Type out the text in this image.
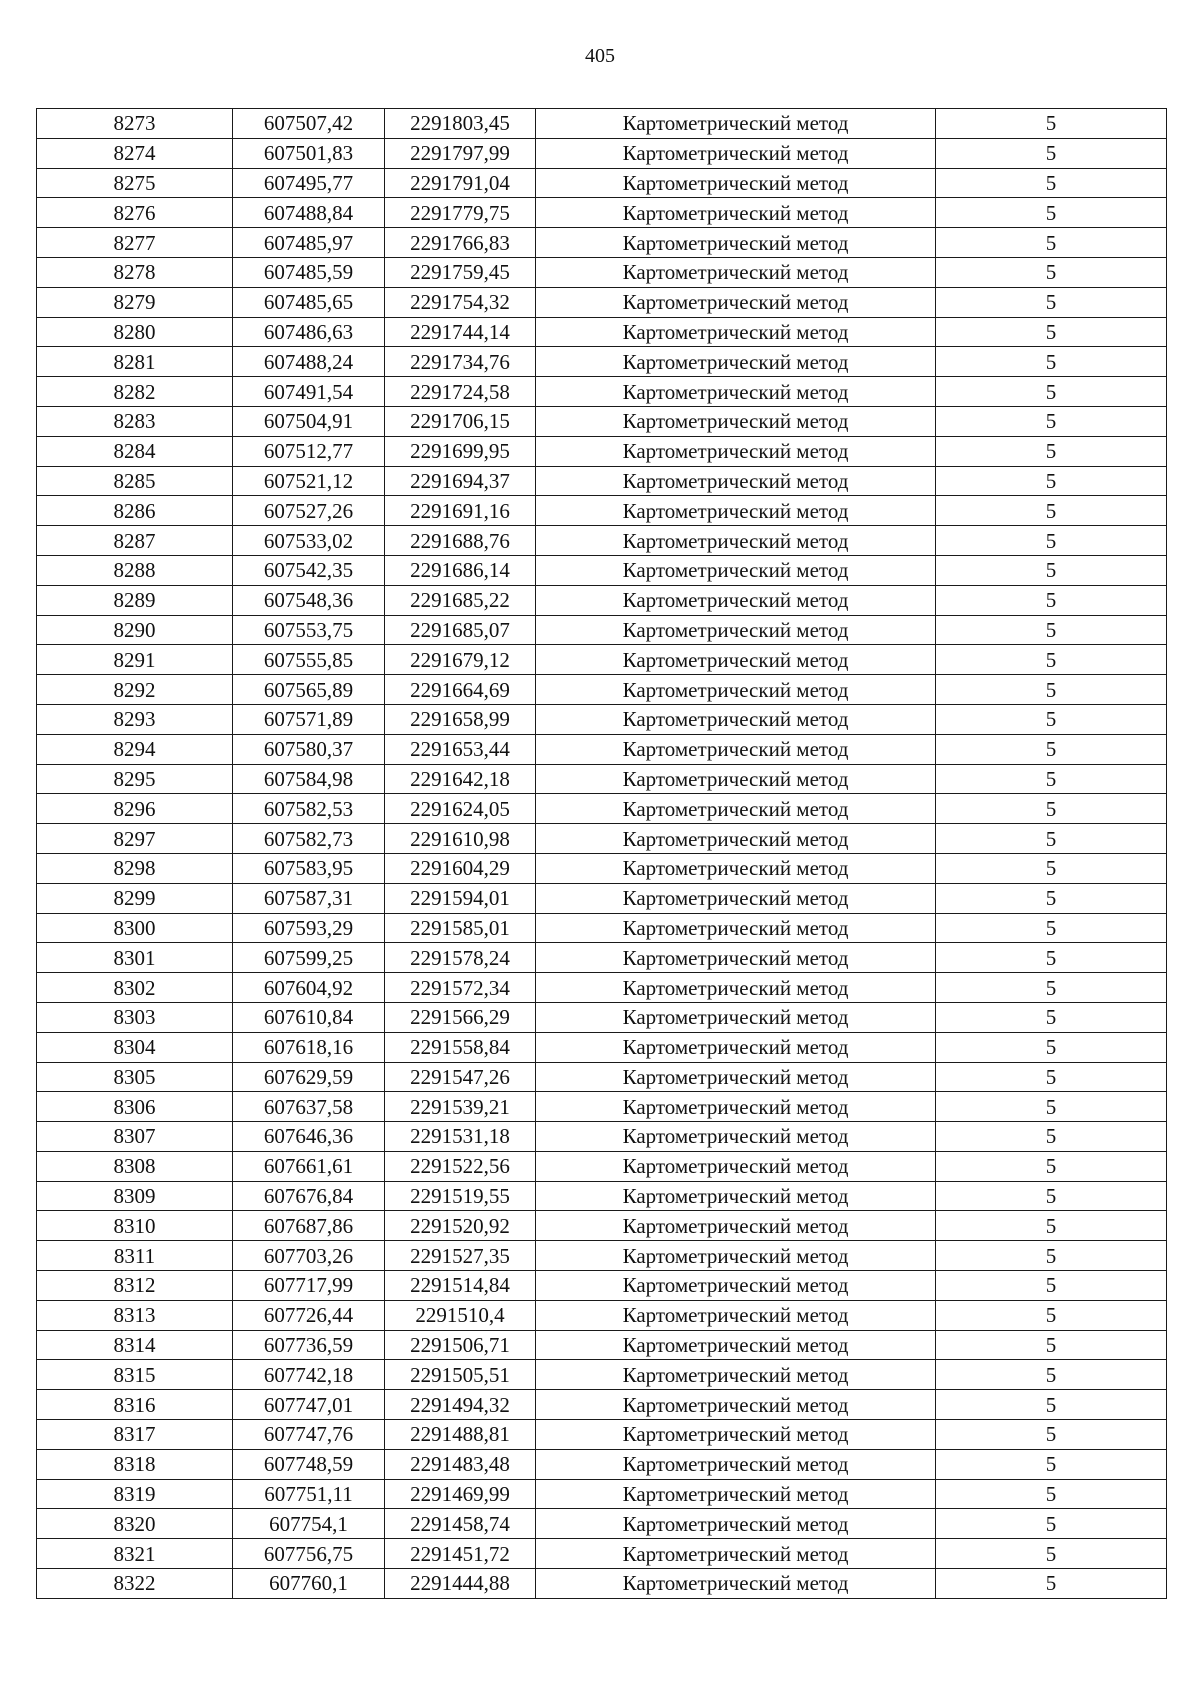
405
8273	607507,42	2291803,45	Картометрический метод	5
8274	607501,83	2291797,99	Картометрический метод	5
8275	607495,77	2291791,04	Картометрический метод	5
8276	607488,84	2291779,75	Картометрический метод	5
8277	607485,97	2291766,83	Картометрический метод	5
8278	607485,59	2291759,45	Картометрический метод	5
8279	607485,65	2291754,32	Картометрический метод	5
8280	607486,63	2291744,14	Картометрический метод	5
8281	607488,24	2291734,76	Картометрический метод	5
8282	607491,54	2291724,58	Картометрический метод	5
8283	607504,91	2291706,15	Картометрический метод	5
8284	607512,77	2291699,95	Картометрический метод	5
8285	607521,12	2291694,37	Картометрический метод	5
8286	607527,26	2291691,16	Картометрический метод	5
8287	607533,02	2291688,76	Картометрический метод	5
8288	607542,35	2291686,14	Картометрический метод	5
8289	607548,36	2291685,22	Картометрический метод	5
8290	607553,75	2291685,07	Картометрический метод	5
8291	607555,85	2291679,12	Картометрический метод	5
8292	607565,89	2291664,69	Картометрический метод	5
8293	607571,89	2291658,99	Картометрический метод	5
8294	607580,37	2291653,44	Картометрический метод	5
8295	607584,98	2291642,18	Картометрический метод	5
8296	607582,53	2291624,05	Картометрический метод	5
8297	607582,73	2291610,98	Картометрический метод	5
8298	607583,95	2291604,29	Картометрический метод	5
8299	607587,31	2291594,01	Картометрический метод	5
8300	607593,29	2291585,01	Картометрический метод	5
8301	607599,25	2291578,24	Картометрический метод	5
8302	607604,92	2291572,34	Картометрический метод	5
8303	607610,84	2291566,29	Картометрический метод	5
8304	607618,16	2291558,84	Картометрический метод	5
8305	607629,59	2291547,26	Картометрический метод	5
8306	607637,58	2291539,21	Картометрический метод	5
8307	607646,36	2291531,18	Картометрический метод	5
8308	607661,61	2291522,56	Картометрический метод	5
8309	607676,84	2291519,55	Картометрический метод	5
8310	607687,86	2291520,92	Картометрический метод	5
8311	607703,26	2291527,35	Картометрический метод	5
8312	607717,99	2291514,84	Картометрический метод	5
8313	607726,44	2291510,4	Картометрический метод	5
8314	607736,59	2291506,71	Картометрический метод	5
8315	607742,18	2291505,51	Картометрический метод	5
8316	607747,01	2291494,32	Картометрический метод	5
8317	607747,76	2291488,81	Картометрический метод	5
8318	607748,59	2291483,48	Картометрический метод	5
8319	607751,11	2291469,99	Картометрический метод	5
8320	607754,1	2291458,74	Картометрический метод	5
8321	607756,75	2291451,72	Картометрический метод	5
8322	607760,1	2291444,88	Картометрический метод	5
